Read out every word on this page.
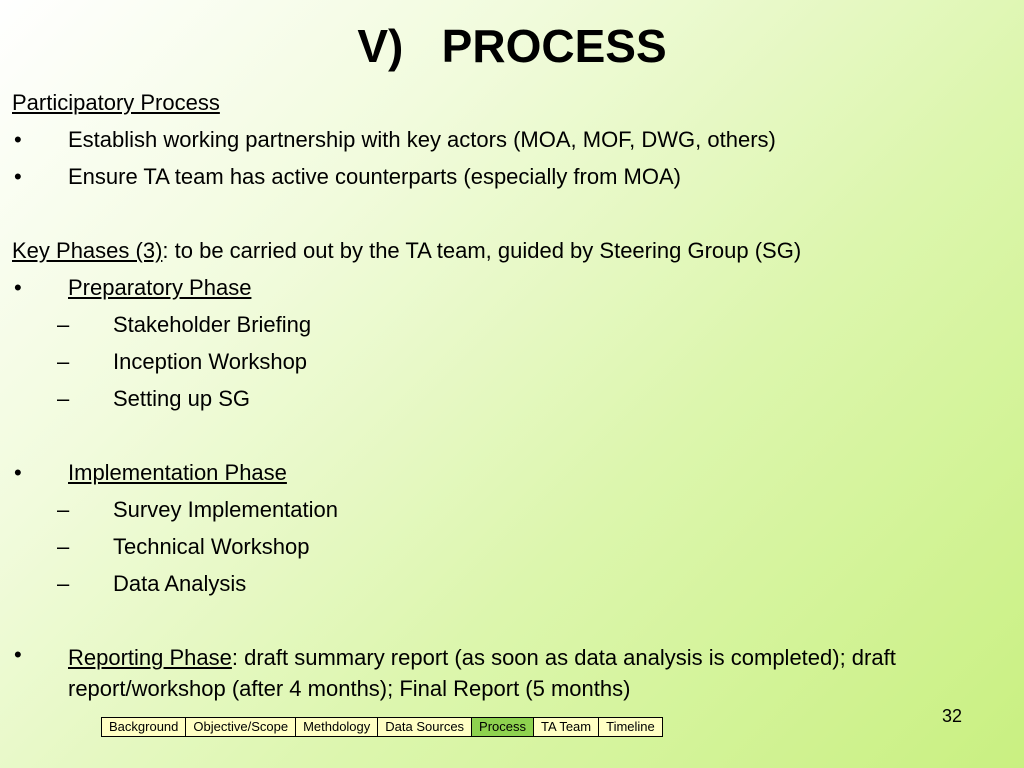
V)   PROCESS
Participatory Process
• Establish working partnership with key actors (MOA, MOF, DWG, others)
• Ensure TA team has active counterparts (especially from MOA)
Key Phases (3): to be carried out by the TA team, guided by Steering Group (SG)
• Preparatory Phase
– Stakeholder Briefing
– Inception Workshop
– Setting up SG
• Implementation Phase
– Survey Implementation
– Technical Workshop
– Data Analysis
• Reporting Phase: draft summary report (as soon as data analysis is completed); draft report/workshop (after 4 months); Final Report (5 months)
32
Background	Objective/Scope	Methdology	Data Sources	Process	TA Team	Timeline
